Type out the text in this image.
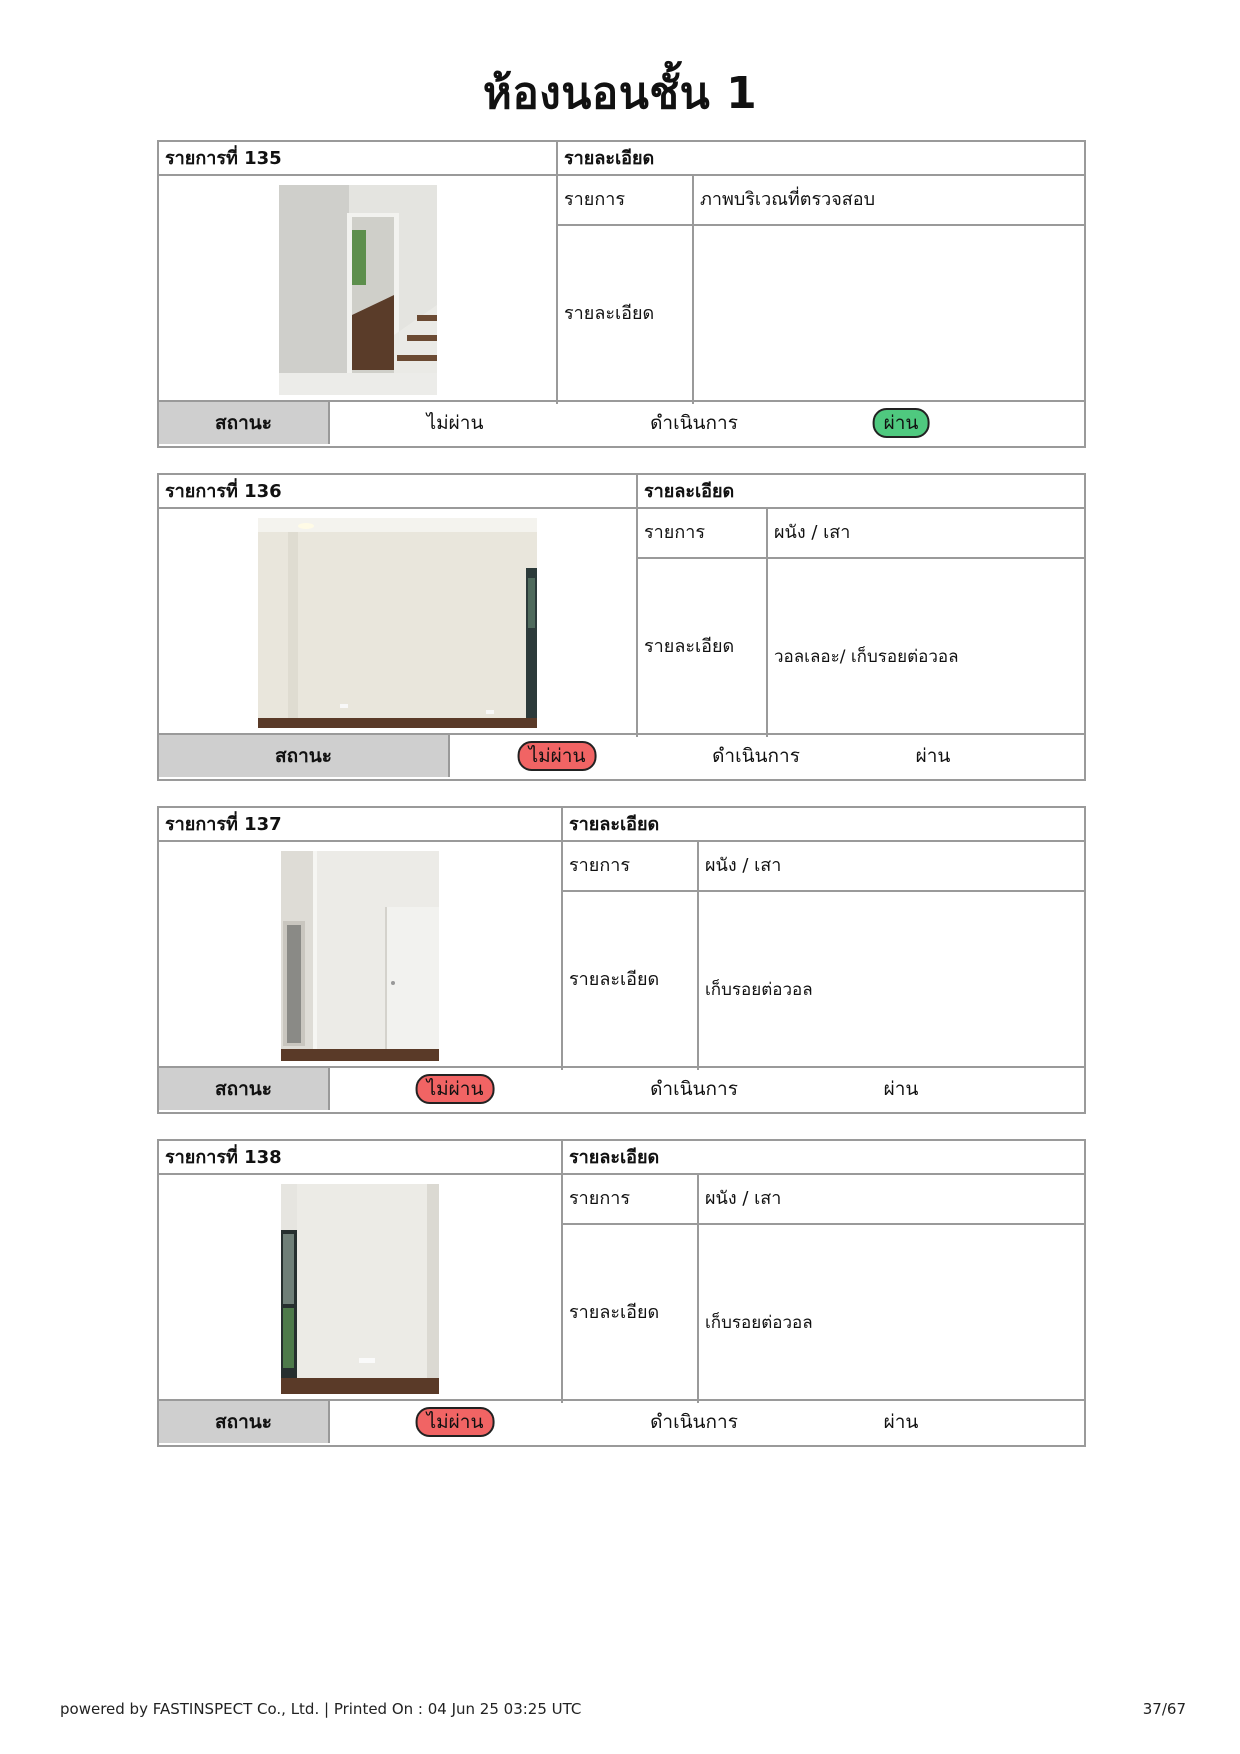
ห้องนอนชั้น 1
รายการที่ 135	รายละเอียด
รายการ	ภาพบริเวณที่ตรวจสอบ
รายละเอียด
สถานะ	ไม่ผ่าน	ดำเนินการ	ผ่าน
รายการที่ 136	รายละเอียด
รายการ	ผนัง / เสา
รายละเอียด	วอลเลอะ/ เก็บรอยต่อวอล
สถานะ	ไม่ผ่าน	ดำเนินการ	ผ่าน
รายการที่ 137	รายละเอียด
รายการ	ผนัง / เสา
รายละเอียด	เก็บรอยต่อวอล
สถานะ	ไม่ผ่าน	ดำเนินการ	ผ่าน
รายการที่ 138	รายละเอียด
รายการ	ผนัง / เสา
รายละเอียด	เก็บรอยต่อวอล
สถานะ	ไม่ผ่าน	ดำเนินการ	ผ่าน
powered by FASTINSPECT Co., Ltd. | Printed On : 04 Jun 25 03:25 UTC	37/67
